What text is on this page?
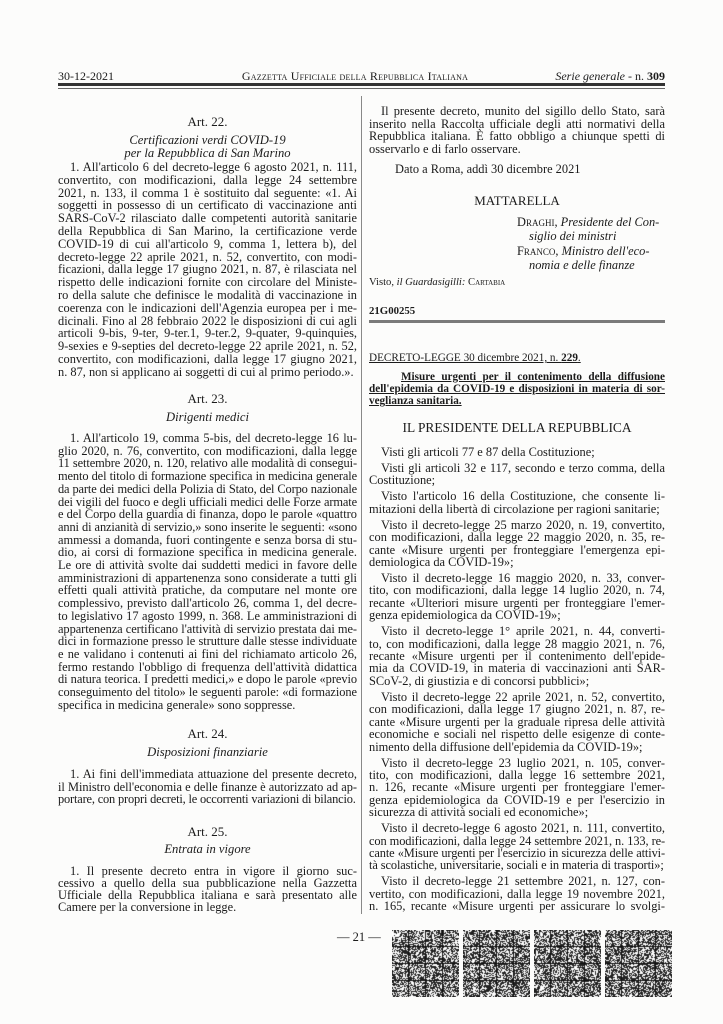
30-12-2021	Gazzetta Ufficiale della Repubblica Italiana	Serie generale - n. 309
Art. 22.
Certificazioni verdi COVID-19
per la Repubblica di San Marino
1. All'articolo 6 del decreto-legge 6 agosto 2021, n. 111,
convertito, con modificazioni, dalla legge 24 settembre
2021, n. 133, il comma 1 è sostituito dal seguente: «1. Ai
soggetti in possesso di un certificato di vaccinazione anti
SARS-CoV-2 rilasciato dalle competenti autorità sanitarie
della Repubblica di San Marino, la certificazione verde
COVID-19 di cui all'articolo 9, comma 1, lettera b), del
decreto-legge 22 aprile 2021, n. 52, convertito, con modi-
ficazioni, dalla legge 17 giugno 2021, n. 87, è rilasciata nel
rispetto delle indicazioni fornite con circolare del Ministe-
ro della salute che definisce le modalità di vaccinazione in
coerenza con le indicazioni dell'Agenzia europea per i me-
dicinali. Fino al 28 febbraio 2022 le disposizioni di cui agli
articoli 9-bis, 9-ter, 9-ter.1, 9-ter.2, 9-quater, 9-quinquies,
9-sexies e 9-septies del decreto-legge 22 aprile 2021, n. 52,
convertito, con modificazioni, dalla legge 17 giugno 2021,
n. 87, non si applicano ai soggetti di cui al primo periodo.».
Art. 23.
Dirigenti medici
1. All'articolo 19, comma 5-bis, del decreto-legge 16 lu-
glio 2020, n. 76, convertito, con modificazioni, dalla legge
11 settembre 2020, n. 120, relativo alle modalità di consegui-
mento del titolo di formazione specifica in medicina generale
da parte dei medici della Polizia di Stato, del Corpo nazionale
dei vigili del fuoco e degli ufficiali medici delle Forze armate
e del Corpo della guardia di finanza, dopo le parole «quattro
anni di anzianità di servizio,» sono inserite le seguenti: «sono
ammessi a domanda, fuori contingente e senza borsa di stu-
dio, ai corsi di formazione specifica in medicina generale.
Le ore di attività svolte dai suddetti medici in favore delle
amministrazioni di appartenenza sono considerate a tutti gli
effetti quali attività pratiche, da computare nel monte ore
complessivo, previsto dall'articolo 26, comma 1, del decre-
to legislativo 17 agosto 1999, n. 368. Le amministrazioni di
appartenenza certificano l'attività di servizio prestata dai me-
dici in formazione presso le strutture dalle stesse individuate
e ne validano i contenuti ai fini del richiamato articolo 26,
fermo restando l'obbligo di frequenza dell'attività didattica
di natura teorica. I predetti medici,» e dopo le parole «previo
conseguimento del titolo» le seguenti parole: «di formazione
specifica in medicina generale» sono soppresse.
Art. 24.
Disposizioni finanziarie
1. Ai fini dell'immediata attuazione del presente decreto,
il Ministro dell'economia e delle finanze è autorizzato ad ap-
portare, con propri decreti, le occorrenti variazioni di bilancio.
Art. 25.
Entrata in vigore
1. Il presente decreto entra in vigore il giorno suc-
cessivo a quello della sua pubblicazione nella Gazzetta
Ufficiale della Repubblica italiana e sarà presentato alle
Camere per la conversione in legge.
Il presente decreto, munito del sigillo dello Stato, sarà
inserito nella Raccolta ufficiale degli atti normativi della
Repubblica italiana. È fatto obbligo a chiunque spetti di
osservarlo e di farlo osservare.
Dato a Roma, addì 30 dicembre 2021
MATTARELLA
Draghi, Presidente del Con-
siglio dei ministri
Franco, Ministro dell'eco-
nomia e delle finanze
Visto, il Guardasigilli: Cartabia
21G00255
DECRETO-LEGGE 30 dicembre 2021, n. 229.
Misure urgenti per il contenimento della diffusione
dell'epidemia da COVID-19 e disposizioni in materia di sor-
veglianza sanitaria.
IL PRESIDENTE DELLA REPUBBLICA
Visti gli articoli 77 e 87 della Costituzione;
Visti gli articoli 32 e 117, secondo e terzo comma, della
Costituzione;
Visto l'articolo 16 della Costituzione, che consente li-
mitazioni della libertà di circolazione per ragioni sanitarie;
Visto il decreto-legge 25 marzo 2020, n. 19, convertito,
con modificazioni, dalla legge 22 maggio 2020, n. 35, re-
cante «Misure urgenti per fronteggiare l'emergenza epi-
demiologica da COVID-19»;
Visto il decreto-legge 16 maggio 2020, n. 33, conver-
tito, con modificazioni, dalla legge 14 luglio 2020, n. 74,
recante «Ulteriori misure urgenti per fronteggiare l'emer-
genza epidemiologica da COVID-19»;
Visto il decreto-legge 1° aprile 2021, n. 44, converti-
to, con modificazioni, dalla legge 28 maggio 2021, n. 76,
recante «Misure urgenti per il contenimento dell'epide-
mia da COVID-19, in materia di vaccinazioni anti SAR-
SCoV-2, di giustizia e di concorsi pubblici»;
Visto il decreto-legge 22 aprile 2021, n. 52, convertito,
con modificazioni, dalla legge 17 giugno 2021, n. 87, re-
cante «Misure urgenti per la graduale ripresa delle attività
economiche e sociali nel rispetto delle esigenze di conte-
nimento della diffusione dell'epidemia da COVID-19»;
Visto il decreto-legge 23 luglio 2021, n. 105, conver-
tito, con modificazioni, dalla legge 16 settembre 2021,
n. 126, recante «Misure urgenti per fronteggiare l'emer-
genza epidemiologica da COVID-19 e per l'esercizio in
sicurezza di attività sociali ed economiche»;
Visto il decreto-legge 6 agosto 2021, n. 111, convertito,
con modificazioni, dalla legge 24 settembre 2021, n. 133, re-
cante «Misure urgenti per l'esercizio in sicurezza delle attivi-
tà scolastiche, universitarie, sociali e in materia di trasporti»;
Visto il decreto-legge 21 settembre 2021, n. 127, con-
vertito, con modificazioni, dalla legge 19 novembre 2021,
n. 165, recante «Misure urgenti per assicurare lo svolgi-
— 21 —
